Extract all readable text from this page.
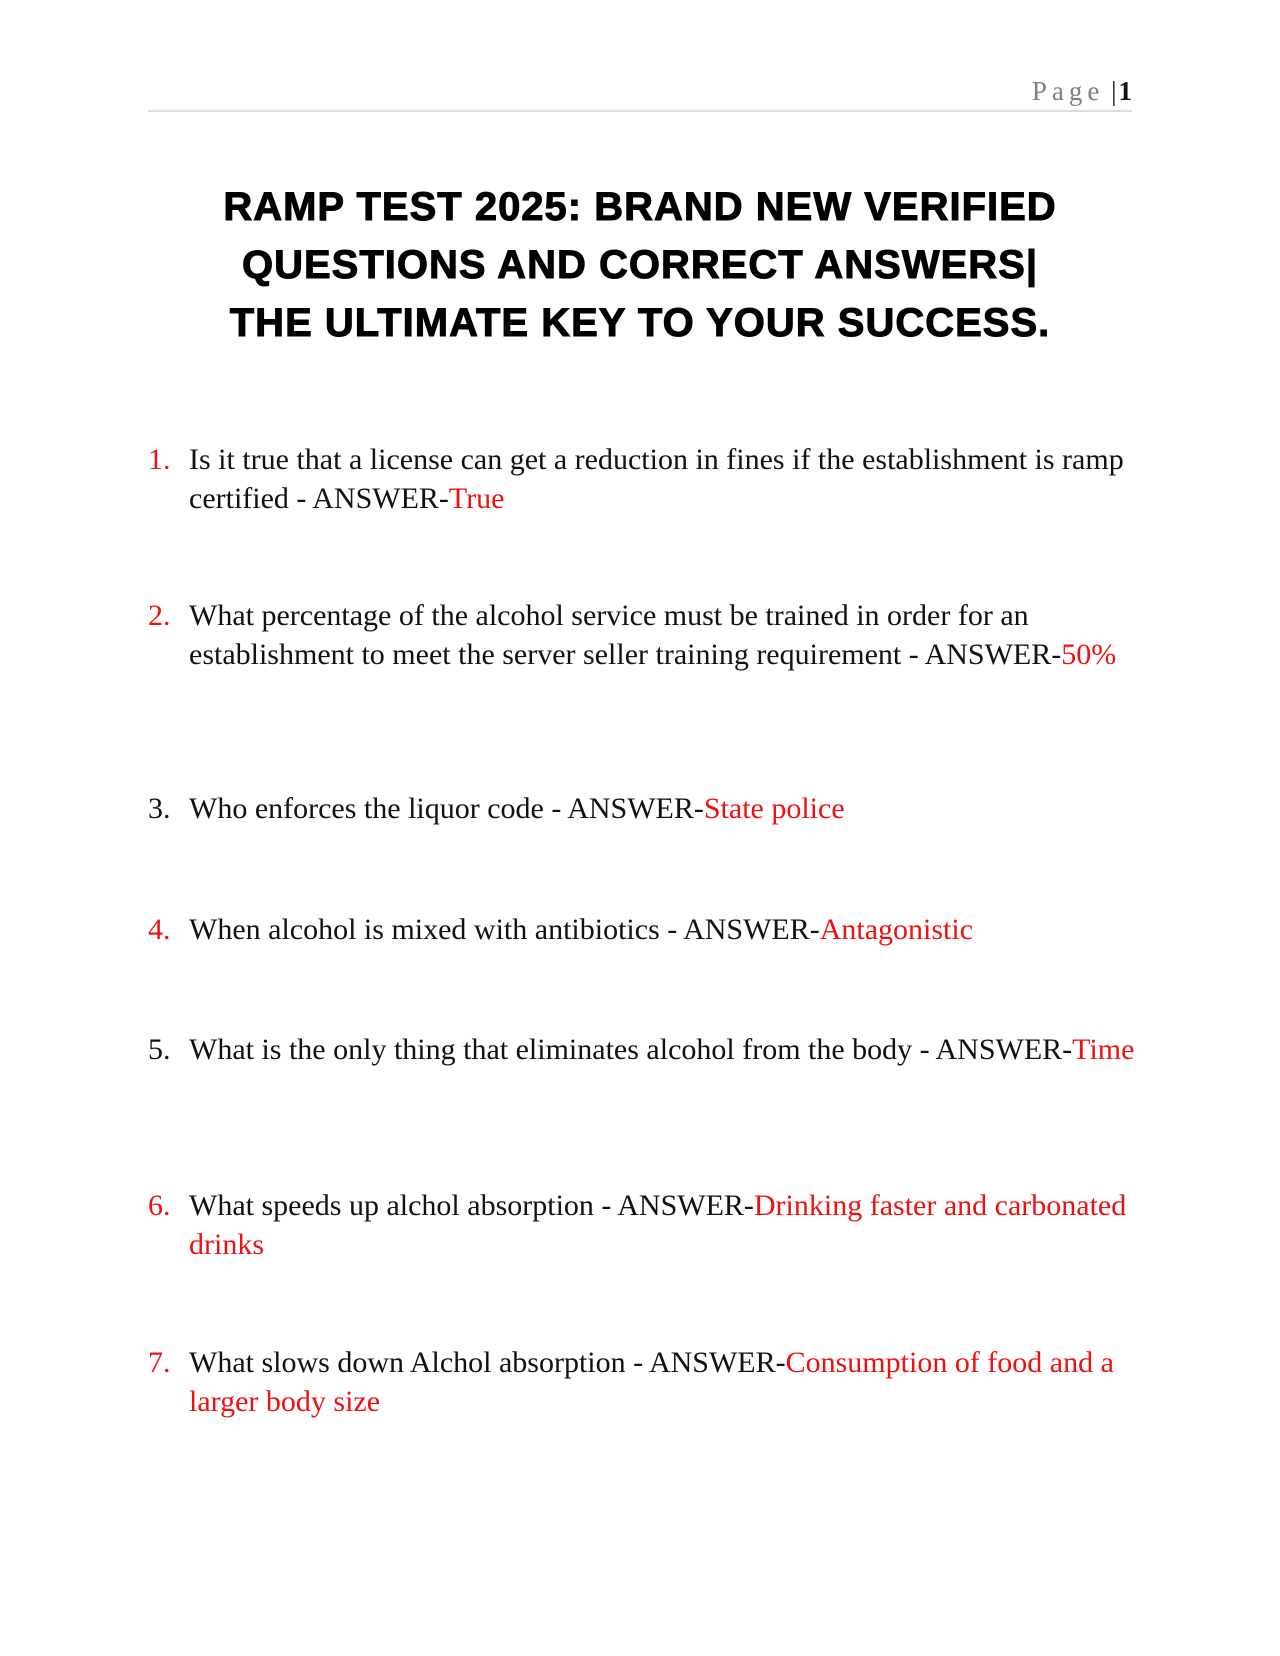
Page |1
RAMP TEST 2025: BRAND NEW VERIFIED
QUESTIONS AND CORRECT ANSWERS|
THE ULTIMATE KEY TO YOUR SUCCESS.
1. Is it true that a license can get a reduction in fines if the establishment is ramp certified - ANSWER-True
2. What percentage of the alcohol service must be trained in order for an establishment to meet the server seller training requirement - ANSWER-50%
3. Who enforces the liquor code - ANSWER-State police
4. When alcohol is mixed with antibiotics - ANSWER-Antagonistic
5. What is the only thing that eliminates alcohol from the body - ANSWER-Time
6. What speeds up alchol absorption - ANSWER-Drinking faster and carbonated drinks
7. What slows down Alchol absorption - ANSWER-Consumption of food and a larger body size
